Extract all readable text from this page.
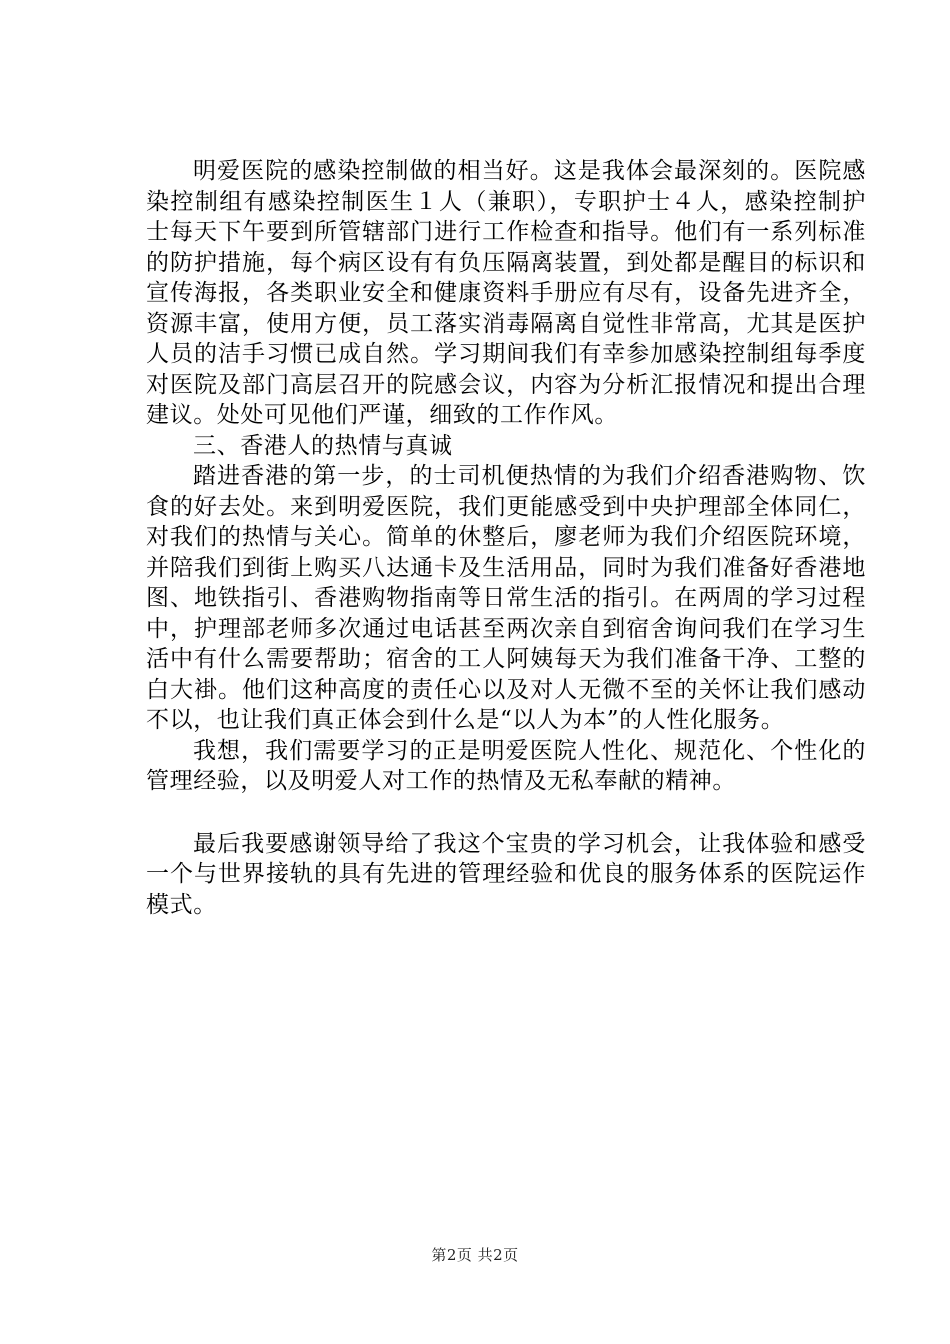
明爱医院的感染控制做的相当好。这是我体会最深刻的。医院感染控制组有感染控制医生１人（兼职），专职护士４人，感染控制护士每天下午要到所管辖部门进行工作检查和指导。他们有一系列标准的防护措施，每个病区设有有负压隔离装置，到处都是醒目的标识和宣传海报，各类职业安全和健康资料手册应有尽有，设备先进齐全，资源丰富，使用方便，员工落实消毒隔离自觉性非常高，尤其是医护人员的洁手习惯已成自然。学习期间我们有幸参加感染控制组每季度对医院及部门高层召开的院感会议，内容为分析汇报情况和提出合理建议。处处可见他们严谨，细致的工作作风。

三、香港人的热情与真诚

踏进香港的第一步，的士司机便热情的为我们介绍香港购物、饮食的好去处。来到明爱医院，我们更能感受到中央护理部全体同仁，对我们的热情与关心。简单的休整后，廖老师为我们介绍医院环境，并陪我们到街上购买八达通卡及生活用品，同时为我们准备好香港地图、地铁指引、香港购物指南等日常生活的指引。在两周的学习过程中，护理部老师多次通过电话甚至两次亲自到宿舍询问我们在学习生活中有什么需要帮助；宿舍的工人阿姨每天为我们准备干净、工整的白大褂。他们这种高度的责任心以及对人无微不至的关怀让我们感动不以，也让我们真正体会到什么是“以人为本”的人性化服务。

我想，我们需要学习的正是明爱医院人性化、规范化、个性化的管理经验，以及明爱人对工作的热情及无私奉献的精神。

最后我要感谢领导给了我这个宝贵的学习机会，让我体验和感受一个与世界接轨的具有先进的管理经验和优良的服务体系的医院运作模式。

第2页 共2页
